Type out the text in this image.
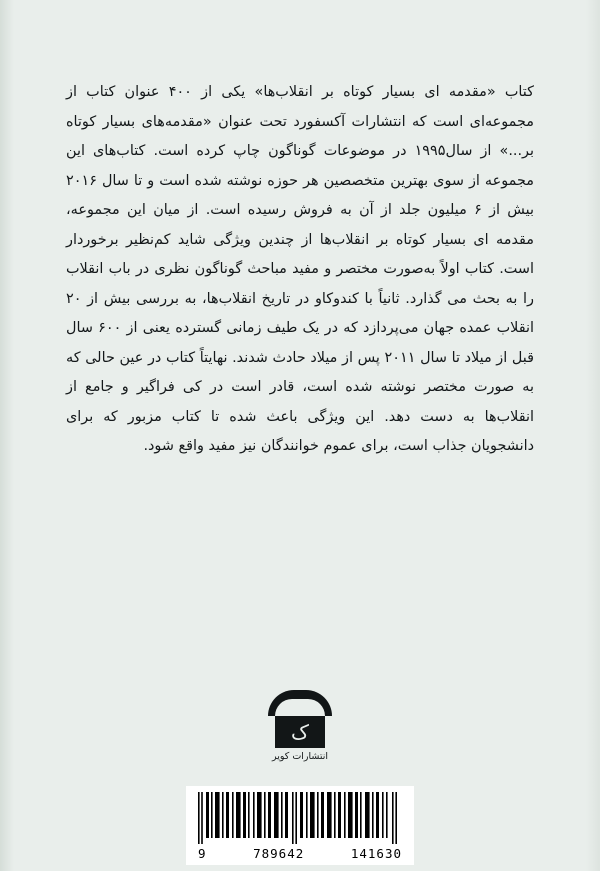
کتاب «مقدمه ای بسیار کوتاه بر انقلاب‌ها» یکی از ۴۰۰ عنوان کتاب از مجموعه‌ای است که انتشارات آکسفورد تحت عنوان «مقدمه‌های بسیار کوتاه بر...» از سال۱۹۹۵ در موضوعات گوناگون چاپ کرده است. کتاب‌های این مجموعه از سوی بهترین متخصصین هر حوزه نوشته شده است و تا سال ۲۰۱۶ بیش از ۶ میلیون جلد از آن به فروش رسیده است. از میان این مجموعه، مقدمه ای بسیار کوتاه بر انقلاب‌ها از چندین ویژگی شاید کم‌نظیر برخوردار است. کتاب اولاً به‌صورت مختصر و مفید مباحث گوناگون نظری در باب انقلاب را به بحث می گذارد. ثانیاً با کندوکاو در تاریخ انقلاب‌ها، به بررسی بیش از ۲۰ انقلاب عمده جهان می‌پردازد که در یک طیف زمانی گسترده یعنی از ۶۰۰ سال قبل از میلاد تا سال ۲۰۱۱ پس از میلاد حادث شدند. نهایتاً کتاب در عین حالی که به صورت مختصر نوشته شده است، قادر است در کی فراگیر و جامع از انقلاب‌ها به دست دهد. این ویژگی باعث شده تا کتاب مزبور که برای دانشجویان جذاب است، برای عموم خوانندگان نیز مفید واقع شود.

ک
انتشارات کویر
9	789642	141630
